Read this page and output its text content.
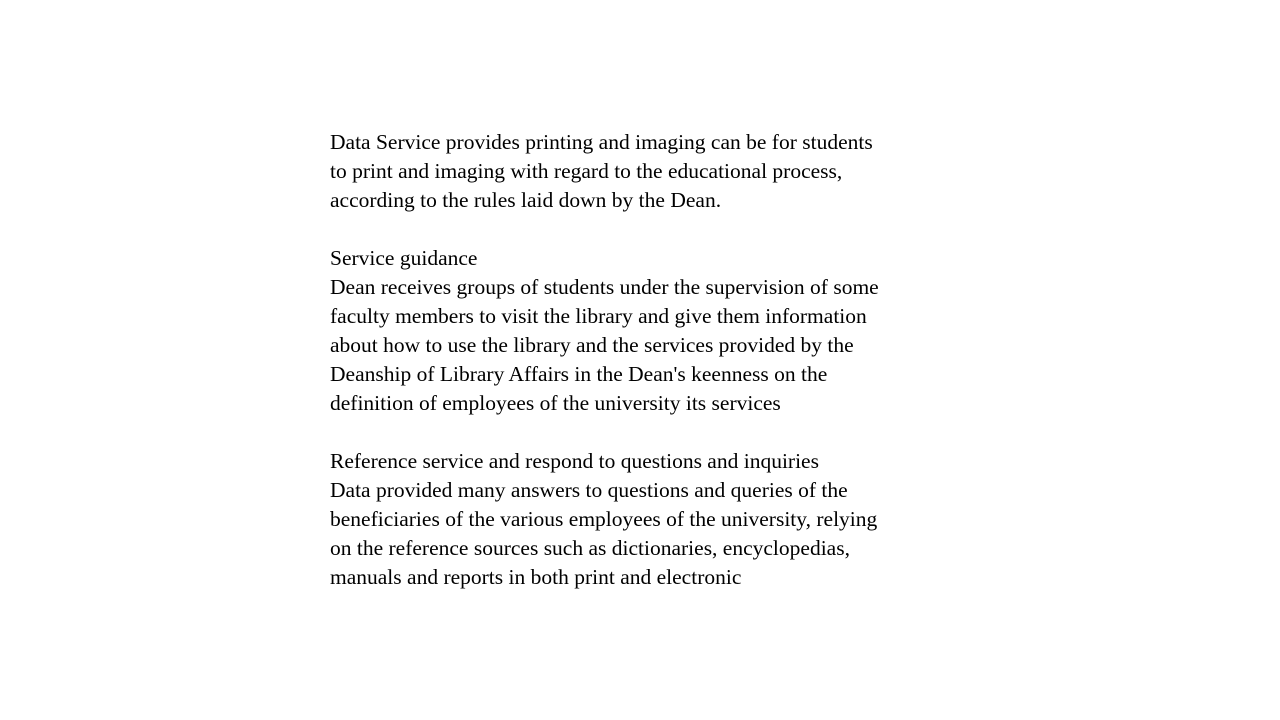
Data Service provides printing and imaging can be for students
to print and imaging with regard to the educational process,
according to the rules laid down by the Dean.

Service guidance
Dean receives groups of students under the supervision of some
faculty members to visit the library and give them information
about how to use the library and the services provided by the
Deanship of Library Affairs in the Dean's keenness on the
definition of employees of the university its services

Reference service and respond to questions and inquiries
Data provided many answers to questions and queries of the
beneficiaries of the various employees of the university, relying
on the reference sources such as dictionaries, encyclopedias,
manuals and reports in both print and electronic
